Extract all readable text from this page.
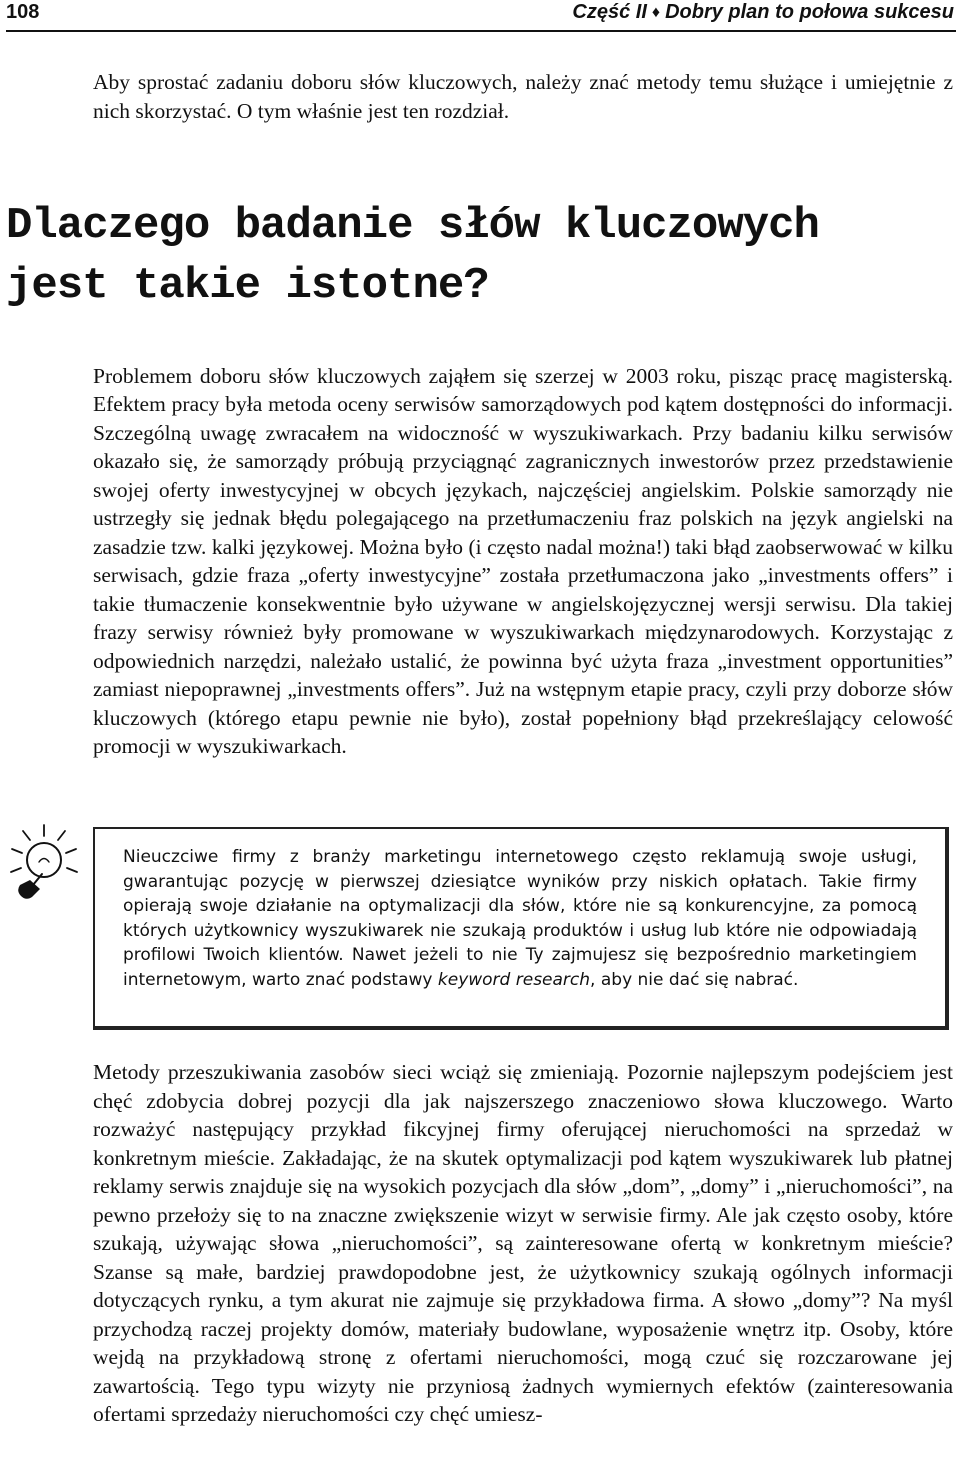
108	Część II ♦ Dobry plan to połowa sukcesu

Aby sprostać zadaniu doboru słów kluczowych, należy znać metody temu służące i umiejętnie z nich skorzystać. O tym właśnie jest ten rozdział.

Dlaczego badanie słów kluczowych
jest takie istotne?

Problemem doboru słów kluczowych zająłem się szerzej w 2003 roku, pisząc pracę magisterską. Efektem pracy była metoda oceny serwisów samorządowych pod kątem dostępności do informacji. Szczególną uwagę zwracałem na widoczność w wyszukiwarkach. Przy badaniu kilku serwisów okazało się, że samorządy próbują przyciągnąć zagranicznych inwestorów przez przedstawienie swojej oferty inwestycyjnej w obcych językach, najczęściej angielskim. Polskie samorządy nie ustrzegły się jednak błędu polegającego na przetłumaczeniu fraz polskich na język angielski na zasadzie tzw. kalki językowej. Można było (i często nadal można!) taki błąd zaobserwować w kilku serwisach, gdzie fraza „oferty inwestycyjne” została przetłumaczona jako „investments offers” i takie tłumaczenie konsekwentnie było używane w angielskojęzycznej wersji serwisu. Dla takiej frazy serwisy również były promowane w wyszukiwarkach międzynarodowych. Korzystając z odpowiednich narzędzi, należało ustalić, że powinna być użyta fraza „investment opportunities” zamiast niepoprawnej „investments offers”. Już na wstępnym etapie pracy, czyli przy doborze słów kluczowych (którego etapu pewnie nie było), został popełniony błąd przekreślający celowość promocji w wyszukiwarkach.

Nieuczciwe firmy z branży marketingu internetowego często reklamują swoje usługi, gwarantując pozycję w pierwszej dziesiątce wyników przy niskich opłatach. Takie firmy opierają swoje działanie na optymalizacji dla słów, które nie są konkurencyjne, za pomocą których użytkownicy wyszukiwarek nie szukają produktów i usług lub które nie odpowiadają profilowi Twoich klientów. Nawet jeżeli to nie Ty zajmujesz się bezpośrednio marketingiem internetowym, warto znać podstawy keyword research, aby nie dać się nabrać.

Metody przeszukiwania zasobów sieci wciąż się zmieniają. Pozornie najlepszym podejściem jest chęć zdobycia dobrej pozycji dla jak najszerszego znaczeniowo słowa kluczowego. Warto rozważyć następujący przykład fikcyjnej firmy oferującej nieruchomości na sprzedaż w konkretnym mieście. Zakładając, że na skutek optymalizacji pod kątem wyszukiwarek lub płatnej reklamy serwis znajduje się na wysokich pozycjach dla słów „dom”, „domy” i „nieruchomości”, na pewno przełoży się to na znaczne zwiększenie wizyt w serwisie firmy. Ale jak często osoby, które szukają, używając słowa „nieruchomości”, są zainteresowane ofertą w konkretnym mieście? Szanse są małe, bardziej prawdopodobne jest, że użytkownicy szukają ogólnych informacji dotyczących rynku, a tym akurat nie zajmuje się przykładowa firma. A słowo „domy”? Na myśl przychodzą raczej projekty domów, materiały budowlane, wyposażenie wnętrz itp. Osoby, które wejdą na przykładową stronę z ofertami nieruchomości, mogą czuć się rozczarowane jej zawartością. Tego typu wizyty nie przyniosą żadnych wymiernych efektów (zainteresowania ofertami sprzedaży nieruchomości czy chęć umiesz-
